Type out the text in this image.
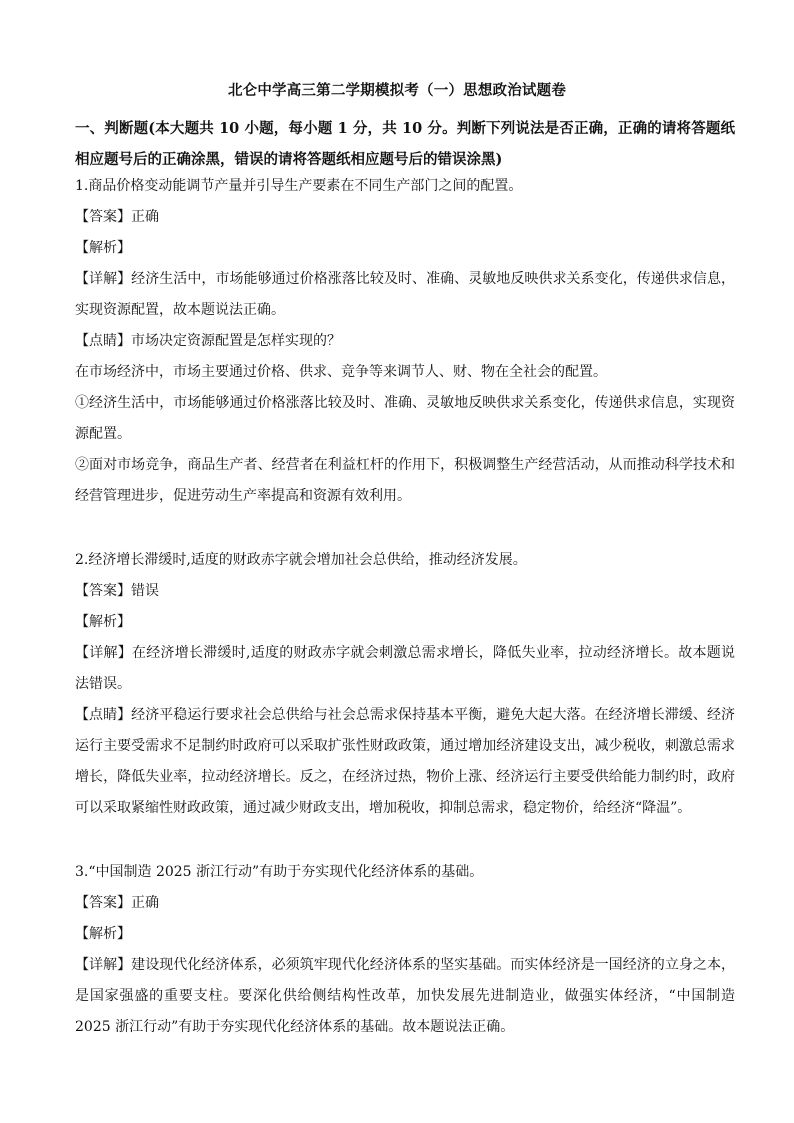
北仑中学高三第二学期模拟考（一）思想政治试题卷
一、判断题(本大题共 10 小题，每小题 1 分，共 10 分。判断下列说法是否正确，正确的请将答题纸相应题号后的正确涂黑，错误的请将答题纸相应题号后的错误涂黑)

1.商品价格变动能调节产量并引导生产要素在不同生产部门之间的配置。

【答案】正确

【解析】

【详解】经济生活中，市场能够通过价格涨落比较及时、准确、灵敏地反映供求关系变化，传递供求信息，实现资源配置，故本题说法正确。

【点睛】市场决定资源配置是怎样实现的？

在市场经济中，市场主要通过价格、供求、竞争等来调节人、财、物在全社会的配置。

①经济生活中，市场能够通过价格涨落比较及时、准确、灵敏地反映供求关系变化，传递供求信息，实现资源配置。

②面对市场竞争，商品生产者、经营者在利益杠杆的作用下，积极调整生产经营活动，从而推动科学技术和经营管理进步，促进劳动生产率提高和资源有效利用。

2.经济增长滞缓时,适度的财政赤字就会增加社会总供给，推动经济发展。

【答案】错误

【解析】

【详解】在经济增长滞缓时,适度的财政赤字就会刺激总需求增长，降低失业率，拉动经济增长。故本题说法错误。

【点睛】经济平稳运行要求社会总供给与社会总需求保持基本平衡，避免大起大落。在经济增长滞缓、经济运行主要受需求不足制约时政府可以采取扩张性财政政策，通过增加经济建设支出，减少税收，刺激总需求增长，降低失业率，拉动经济增长。反之，在经济过热，物价上涨、经济运行主要受供给能力制约时，政府可以采取紧缩性财政政策，通过减少财政支出，增加税收，抑制总需求，稳定物价，给经济“降温”。

3.“中国制造 2025 浙江行动”有助于夯实现代化经济体系的基础。

【答案】正确

【解析】

【详解】建设现代化经济体系，必须筑牢现代化经济体系的坚实基础。而实体经济是一国经济的立身之本，是国家强盛的重要支柱。要深化供给侧结构性改革，加快发展先进制造业，做强实体经济，“中国制造 2025 浙江行动”有助于夯实现代化经济体系的基础。故本题说法正确。
